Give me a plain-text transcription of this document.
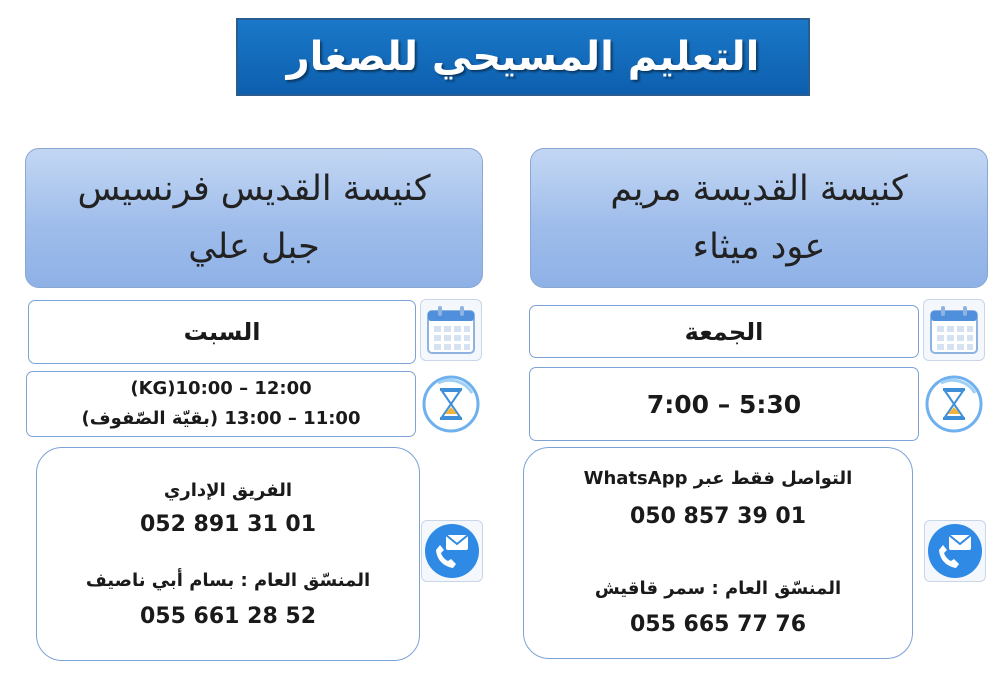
التعليم المسيحي للصغار
كنيسة القديس فرنسيس
جبل علي
السبت
(KG)10:00 – 12:00
11:00 – 13:00 (بقيّة الصّفوف)
الفريق الإداري
052 891 31 01
المنسّق العام : بسام أبي ناصيف
055 661 28 52
كنيسة القديسة مريم
عود ميثاء
الجمعة
7:00 – 5:30
التواصل فقط عبر WhatsApp
050 857 39 01
المنسّق العام : سمر قاقيش
055 665 77 76
